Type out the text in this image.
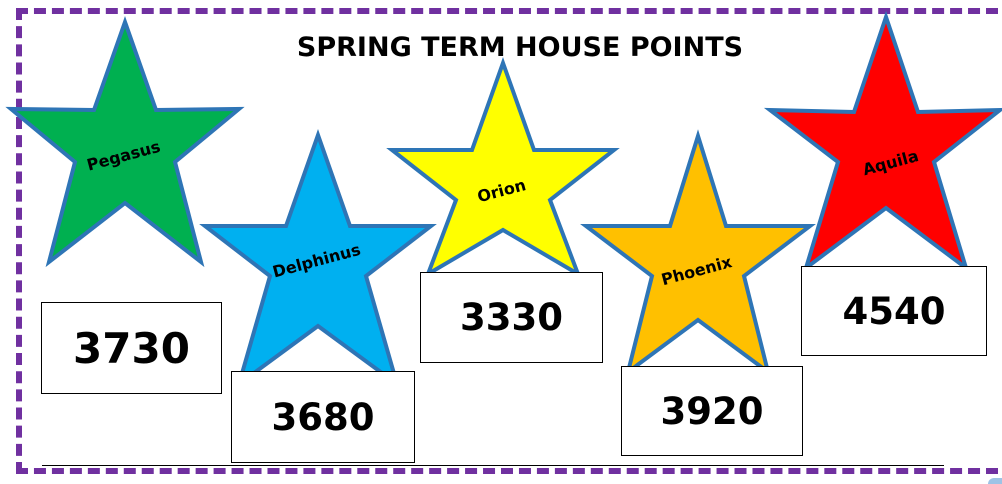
SPRING TERM HOUSE POINTS
Pegasus
Delphinus
Orion
Phoenix
Aquila
3730
3680
3330
3920
4540
